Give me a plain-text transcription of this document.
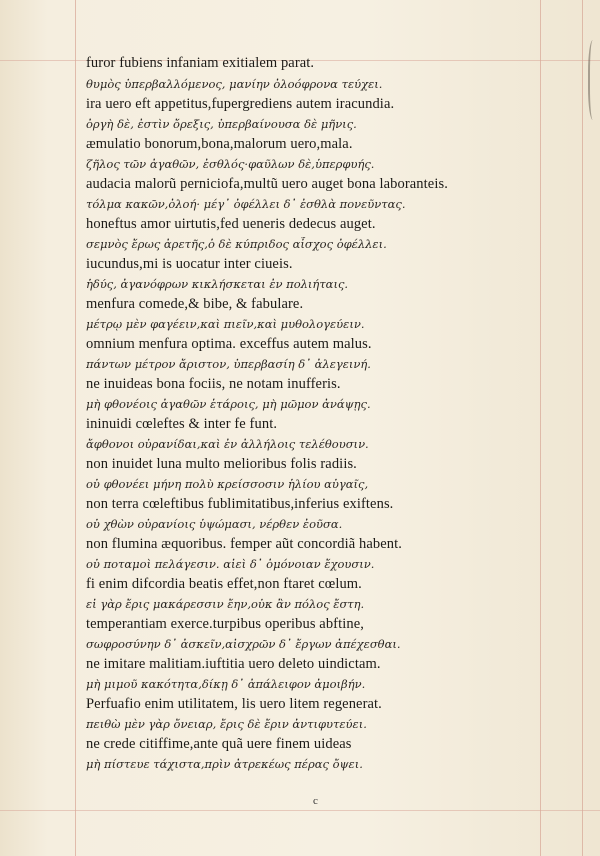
furor fubiens infaniam exitialem parat.
θυμὸς ὑπερβαλλόμενος, μανίην ὀλοόφρονα τεύχει.
ira uero eft appetitus,fupergrediens autem iracundia.
ὀργὴ δὲ, ἐστὶν ὄρεξις, ὑπερβαίνουσα δὲ μῆνις.
æmulatio bonorum,bona,malorum uero,mala.
ζῆλος τῶν ἀγαθῶν, ἐσθλός·φαῦλων δὲ,ὑπερφυής.
audacia malorũ perniciofa,multũ uero auget bona laboranteis.
τόλμα κακῶν,ὀλοή· μέγ᾽ ὀφέλλει δ᾽ ἐσθλὰ πονεῦντας.
honeftus amor uirtutis,fed ueneris dedecus auget.
σεμνὸς ἔρως ἀρετῆς,ὁ δὲ κύπριδος αἶσχος ὀφέλλει.
iucundus,mi is uocatur inter ciueis.
ἡδύς, ἀγανόφρων κικλήσκεται ἐν πολιήταις.
menfura comede,& bibe, & fabulare.
μέτρῳ μὲν φαγέειν,καὶ πιεῖν,καὶ μυθολογεύειν.
omnium menfura optima. exceffus autem malus.
πάντων μέτρον ἄριστον, ὑπερβασίη δ᾽ ἀλεγεινή.
ne inuideas bona fociis, ne notam inufferis.
μὴ φθονέοις ἀγαθῶν ἑτάροις, μὴ μῶμον ἀνάψῃς.
ininuidi cœleftes & inter fe funt.
ἄφθονοι οὐρανίδαι,καὶ ἐν ἀλλήλοις τελέθουσιν.
non inuidet luna multo melioribus folis radiis.
οὐ φθονέει μήνη πολὺ κρείσσοσιν ἡλίου αὐγαῖς,
non terra cœleftibus fublimitatibus,inferius exiftens.
οὐ χθὼν οὐρανίοις ὑψώμασι, νέρθεν ἐοῦσα.
non flumina æquoribus. femper aũt concordiã habent.
οὐ ποταμοὶ πελάγεσιν. αἰεὶ δ᾽ ὁμόνοιαν ἔχουσιν.
fi enim difcordia beatis effet,non ftaret cœlum.
εἰ γὰρ ἔρις μακάρεσσιν ἔην,οὐκ ἂν πόλος ἔστη.
temperantiam exerce.turpibus operibus abftine,
σωφροσύνην δ᾽ ἀσκεῖν,αἰσχρῶν δ᾽ ἔργων ἀπέχεσθαι.
ne imitare malitiam.iuftitia uero deleto uindictam.
μὴ μιμοῦ κακότητα,δίκῃ δ᾽ ἀπάλειφον ἀμοιβήν.
Perfuafio enim utilitatem, lis uero litem regenerat.
πειθὼ μὲν γὰρ ὄνειαρ, ἔρις δὲ ἔριν ἀντιφυτεύει.
ne crede citiffime,ante quã uere finem uideas
μὴ πίστευε τάχιστα,πρὶν ἀτρεκέως πέρας ὄψει.
c
